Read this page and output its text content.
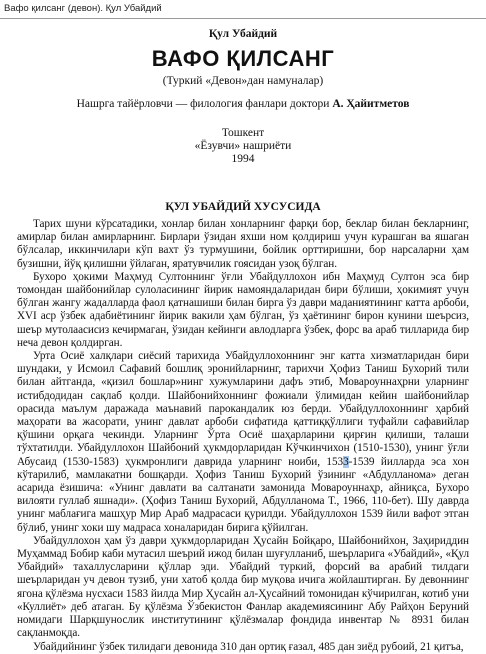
Вафо қилсанг (девон). Қул Убайдий
Қул Убайдий
ВАФО ҚИЛСАНГ
(Туркий «Девон»дан намуналар)
Нашрга тайёрловчи — филология фанлари доктори А. Ҳайитметов
Тошкент
«Ёзувчи» нашриёти
1994
ҚУЛ УБАЙДИЙ ХУСУСИДА

Тарих шуни кўрсатадики, хонлар билан хонларнинг фарқи бор, беклар билан бекларнинг, амирлар билан амирларнинг. Бирлари ўзидан яхши ном қолдириш учун курашган ва яшаган бўлсалар, иккинчилари кўп вахт ўз турмушини, бойлик орттиришни, бор нарсаларни ҳам бузишни, йўқ қилишни ўйлаган, яратувчилик гоясидан узоқ бўлган.

Бухоро ҳокими Маҳмуд Султоннинг ўғли Убайдуллохон ибн Маҳмуд Султон эса бир томондан шайбонийлар сулоласининг йирик намояндаларидан бири бўлиши, ҳокимият учун бўлган жангу жадалларда фаол қатнашиши билан бирга ўз даври маданиятининг катта арбоби, XVI аср ўзбек адабиётининг йирик вакили ҳам бўлган, ўз ҳаётининг бирон кунини шеърсиз, шеър мутолаасисиз кечирмаган, ўзидан кейинги авлодларга ўзбек, форс ва араб тилларида бир неча девон қолдирган.

Урта Осиё халқлари сиёсий тарихида Убайдуллохоннинг энг катта хизматларидан бири шундаки, у Исмоил Сафавий бошлиқ эронийларнинг, тарихчи Ҳофиз Таниш Бухорий тили билан айтганда, «қизил бошлар»нинг хужумларини дафъ этиб, Мовароуннаҳрни уларнинг истибдодидан сақлаб қолди. Шайбонийхоннинг фожиали ўлимидан кейин шайбонийлар орасида маълум даражада маънавий парокандалик юз берди. Убайдуллохоннинг ҳарбий маҳорати ва жасорати, унинг давлат арбоби сифатида қаттиққўллиги туфайли сафавийлар қўшини орқага чекинди. Уларнинг Ўрта Осиё шаҳарларини қирғин қилиши, талаши тўхтатилди. Убайдуллохон Шайбоний ҳукмдорларидан Кўчкинчихон (1510-1530), унинг ўғли Абусаид (1530-1583) ҳукмронлиги даврида уларнинг ноиби, 1533-1539 йилларда эса хон кўтарилиб, мамлакатни бошқарди. Ҳофиз Таниш Бухорий ўзининг «Абдулланома» деган асарида ёзишича: «Унинг давлати ва салтанати замонида Мовароуннаҳр, айниқса, Бухоро вилояти гуллаб яшнади». (Ҳофиз Таниш Бухорий, Абдулланома Т., 1966, 110-бет). Шу даврда унинг маблағига машҳур Мир Араб мадрасаси қурилди. Убайдуллохон 1539 йили вафот этган бўлиб, унинг хоки шу мадраса хоналаридан бирига қўйилган.

Убайдуллохон ҳам ўз даври ҳукмдорларидан Ҳусайн Бойқаро, Шайбонийхон, Заҳириддин Муҳаммад Бобир каби мутасил шеърий ижод билан шуғулланиб, шеърларига «Убайдий», «Қул Убайдий» тахаллусларини қўллар эди. Убайдий туркий, форсий ва арабий тилдаги шеърларидан уч девон тузиб, уни хатоб қолда бир муқова ичига жойлаштирган. Бу девоннинг ягона қўлёзма нусхаси 1583 йилда Мир Ҳусайн ал-Ҳусайний томонидан кўчирилган, котиб уни «Куллиёт» деб атаган. Бу қўлёзма Ўзбекистон Фанлар академиясининг Абу Райҳон Беруний номидаги Шарқшунослик институтининг қўлёзмалар фондида инвентар № 8931 билан сақланмоқда.

Убайдийнинг ўзбек тилидаги девонида 310 дан ортиқ ғазал, 485 дан зиёд рубоий, 21 қитъа,
